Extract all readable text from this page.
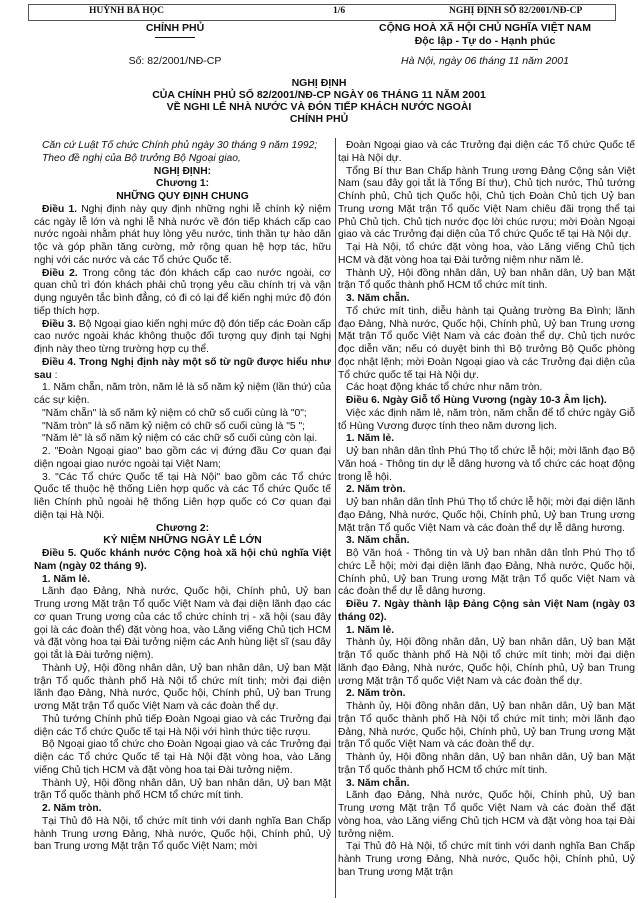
HUỲNH BÁ HỌC	1/6	NGHỊ ĐỊNH SỐ 82/2001/NĐ-CP
CHÍNH PHỦ
Số: 82/2001/NĐ-CP
CỘNG HOÀ XÃ HỘI CHỦ NGHĨA VIỆT NAM
Độc lập - Tự do - Hạnh phúc
Hà Nội, ngày 06 tháng 11 năm 2001
NGHỊ ĐỊNH
CỦA CHÍNH PHỦ SỐ 82/2001/NĐ-CP NGÀY 06 THÁNG 11 NĂM 2001
VỀ NGHI LỄ NHÀ NƯỚC VÀ ĐÓN TIẾP KHÁCH NƯỚC NGOÀI
CHÍNH PHỦ

Căn cứ Luật Tổ chức Chính phủ ngày 30 tháng 9 năm 1992;

Theo đề nghị của Bộ trưởng Bộ Ngoại giao,

NGHỊ ĐỊNH:

Chương 1:

NHỮNG QUY ĐỊNH CHUNG

Điều 1. Nghị định này quy định những nghi lễ chính kỷ niệm các ngày lễ lớn và nghi lễ Nhà nước về đón tiếp khách cấp cao nước ngoài nhằm phát huy lòng yêu nước, tinh thần tự hào dân tộc và góp phần tăng cường, mở rộng quan hệ hợp tác, hữu nghị với các nước và các Tổ chức Quốc tế.

Điều 2. Trong công tác đón khách cấp cao nước ngoài, cơ quan chủ trì đón khách phải chủ trọng yêu cầu chính trị và vận dụng nguyên tắc bình đẳng, có đi có lại để kiến nghị mức độ đón tiếp thích hợp.

Điều 3. Bộ Ngoại giao kiến nghị mức độ đón tiếp các Đoàn cấp cao nước ngoài khác không thuộc đối tượng quy định tại Nghị định này theo từng trường hợp cụ thể.

Điều 4. Trong Nghị định này một số từ ngữ được hiểu như sau :

1. Năm chẵn, năm tròn, năm lẻ là số năm kỷ niệm (lần thứ) của các sự kiện.

"Năm chẵn" là số năm kỷ niệm có chữ số cuối cùng là "0";

"Năm tròn" là số năm kỷ niệm có chữ số cuối cùng là "5 ";

"Năm lẻ" là số năm kỷ niệm có các chữ số cuối cùng còn lại.

2. "Đoàn Ngoại giao" bao gồm các vị đứng đầu Cơ quan đại diện ngoại giao nước ngoài tại Việt Nam;

3. "Các Tổ chức Quốc tế tại Hà Nội" bao gồm các Tổ chức Quốc tế thuộc hệ thống Liên hợp quốc và các Tổ chức Quốc tế liên Chính phủ ngoài hệ thống Liên hợp quốc có Cơ quan đại diện tại Hà Nội.

Chương 2:

KỶ NIỆM NHỮNG NGÀY LỄ LỚN

Điều 5. Quốc khánh nước Cộng hoà xã hội chủ nghĩa Việt Nam (ngày 02 tháng 9).

1. Năm lẻ.

Lãnh đạo Đảng, Nhà nước, Quốc hội, Chính phủ, Uỷ ban Trung ương Mặt trận Tổ quốc Việt Nam và đại diện lãnh đạo các cơ quan Trung ương của các tổ chức chính trị - xã hội (sau đây gọi là các đoàn thể) đặt vòng hoa, vào Lăng viếng Chủ tịch HCM và đặt vòng hoa tại Đài tưởng niệm các Anh hùng liệt sĩ (sau đây gọi tắt là Đài tưởng niệm).

Thành Uỷ, Hội đồng nhân dân, Uỷ ban nhân dân, Uỷ ban Mặt trận Tổ quốc thành phố Hà Nội tổ chức mít tinh; mời đại diện lãnh đạo Đảng, Nhà nước, Quốc hội, Chính phủ, Uỷ ban Trung ương Mặt trận Tổ quốc Việt Nam và các đoàn thể dự.

Thủ tướng Chính phủ tiếp Đoàn Ngoại giao và các Trưởng đại diện các Tổ chức Quốc tế tại Hà Nội với hình thức tiệc rượu.

Bộ Ngoại giao tổ chức cho Đoàn Ngoại giao và các Trưởng đại diện các Tổ chức Quốc tế tại Hà Nội đặt vòng hoa, vào Lăng viếng Chủ tịch HCM và đặt vòng hoa tại Đài tưởng niệm.

Thành Uỷ, Hội đồng nhân dân, Uỷ ban nhân dân, Uỷ ban Mặt trận Tổ quốc thành phố HCM tổ chức mít tinh.

2. Năm tròn.

Tại Thủ đô Hà Nội, tổ chức mít tinh với danh nghĩa Ban Chấp hành Trung ương Đảng, Nhà nước, Quốc hội, Chính phủ, Uỷ ban Trung ương Mặt trận Tổ quốc Việt Nam; mời

Đoàn Ngoại giao và các Trưởng đại diện các Tổ chức Quốc tế tại Hà Nội dự.

Tổng Bí thư Ban Chấp hành Trung ương Đảng Cộng sản Việt Nam (sau đây gọi tắt là Tổng Bí thư), Chủ tịch nước, Thủ tướng Chính phủ, Chủ tịch Quốc hội, Chủ tịch Đoàn Chủ tịch Uỷ ban Trung ương Mặt trận Tổ quốc Việt Nam chiêu đãi trọng thể tại Phủ Chủ tịch. Chủ tịch nước đọc lời chúc rượu; mời Đoàn Ngoại giao và các Trưởng đại diện của Tổ chức Quốc tế tại Hà Nội dự.

Tại Hà Nội, tổ chức đặt vòng hoa, vào Lăng viếng Chủ tịch HCM và đặt vòng hoa tại Đài tưởng niệm như năm lẻ.

Thành Uỷ, Hội đồng nhân dân, Uỷ ban nhân dân, Uỷ ban Mặt trận Tổ quốc thành phố HCM tổ chức mít tinh.

3. Năm chẵn.

Tổ chức mít tinh, diễu hành tại Quảng trường Ba Đình; lãnh đạo Đảng, Nhà nước, Quốc hội, Chính phủ, Uỷ ban Trung ương Mặt trận Tổ quốc Việt Nam và các đoàn thể dự. Chủ tịch nước đọc diễn văn; nếu có duyệt binh thì Bộ trưởng Bộ Quốc phòng đọc nhật lệnh; mời Đoàn Ngoại giao và các Trưởng đại diện của Tổ chức quốc tế tại Hà Nội dự.

Các hoạt động khác tổ chức như năm tròn.

Điều 6. Ngày Giỗ tổ Hùng Vương (ngày 10-3 Âm lịch).

Việc xác định năm lẻ, năm tròn, năm chẵn để tổ chức ngày Giỗ tổ Hùng Vương được tính theo năm dương lịch.

1. Năm lẻ.

Uỷ ban nhân dân tỉnh Phú Thọ tổ chức lễ hội; mời lãnh đạo Bộ Văn hoá - Thông tin dự lễ dâng hương và tổ chức các hoạt động trong lễ hội.

2. Năm tròn.

Uỷ ban nhân dân tỉnh Phú Thọ tổ chức lễ hội; mời đại diện lãnh đạo Đảng, Nhà nước, Quốc hội, Chính phủ, Uỷ ban Trung ương Mặt trận Tổ quốc Việt Nam và các đoàn thể dự lễ dâng hương.

3. Năm chẵn.

Bộ Văn hoá - Thông tin và Uỷ ban nhân dân tỉnh Phú Thọ tổ chức Lễ hội; mời đại diện lãnh đạo Đảng, Nhà nước, Quốc hội, Chính phủ, Uỷ ban Trung ương Mặt trận Tổ quốc Việt Nam và các đoàn thể dự lễ dâng hương.

Điều 7. Ngày thành lập Đảng Cộng sản Việt Nam (ngày 03 tháng 02).

1. Năm lẻ.

Thành ủy, Hội đồng nhân dân, Uỷ ban nhân dân, Uỷ ban Mặt trận Tổ quốc thành phố Hà Nội tổ chức mít tinh; mời đại diện lãnh đạo Đảng, Nhà nước, Quốc hội, Chính phủ, Uỷ ban Trung ương Mặt trận Tổ quốc Việt Nam và các đoàn thể dự.

2. Năm tròn.

Thành ủy, Hội đồng nhân dân, Uỷ ban nhân dân, Uỷ ban Mặt trận Tổ quốc thành phố Hà Nội tổ chức mít tinh; mời lãnh đạo Đảng, Nhà nước, Quốc hội, Chính phủ, Uỷ ban Trung ương Mặt trận Tổ quốc Việt Nam và các đoàn thể dự.

Thành ủy, Hội đồng nhân dân, Uỷ ban nhân dân, Uỷ ban Mặt trận Tổ quốc thành phố HCM tổ chức mít tinh.

3. Năm chẵn.

Lãnh đạo Đảng, Nhà nước, Quốc hội, Chính phủ, Uỷ ban Trung ương Mặt trận Tổ quốc Việt Nam và các đoàn thể đặt vòng hoa, vào Lăng viếng Chủ tịch HCM và đặt vòng hoa tại Đài tưởng niệm.

Tại Thủ đô Hà Nội, tổ chức mít tinh với danh nghĩa Ban Chấp hành Trung ương Đảng, Nhà nước, Quốc hội, Chính phủ, Uỷ ban Trung ương Mặt trận
